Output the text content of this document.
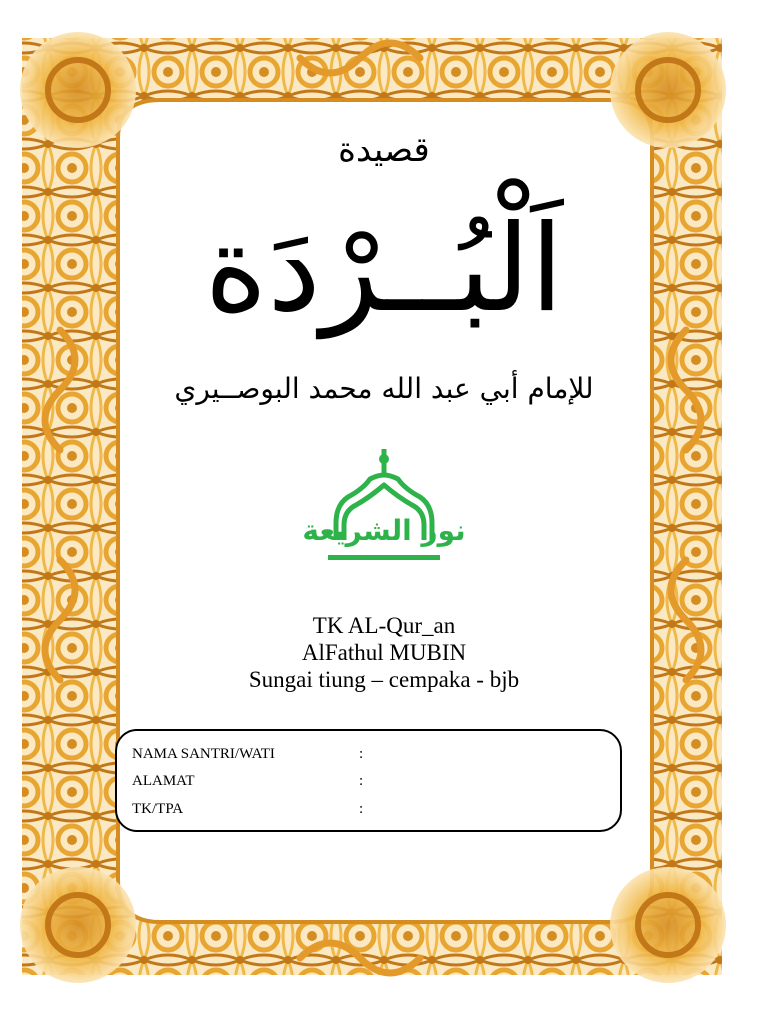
قصيدة
اَلْبُــرْدَة
للإمام أبي عبد الله محمد البوصــيري
نور الشريعة
TK AL-Qur_an
AlFathul MUBIN
Sungai tiung – cempaka - bjb
NAMA SANTRI/WATI	:
ALAMAT	:
TK/TPA	:
